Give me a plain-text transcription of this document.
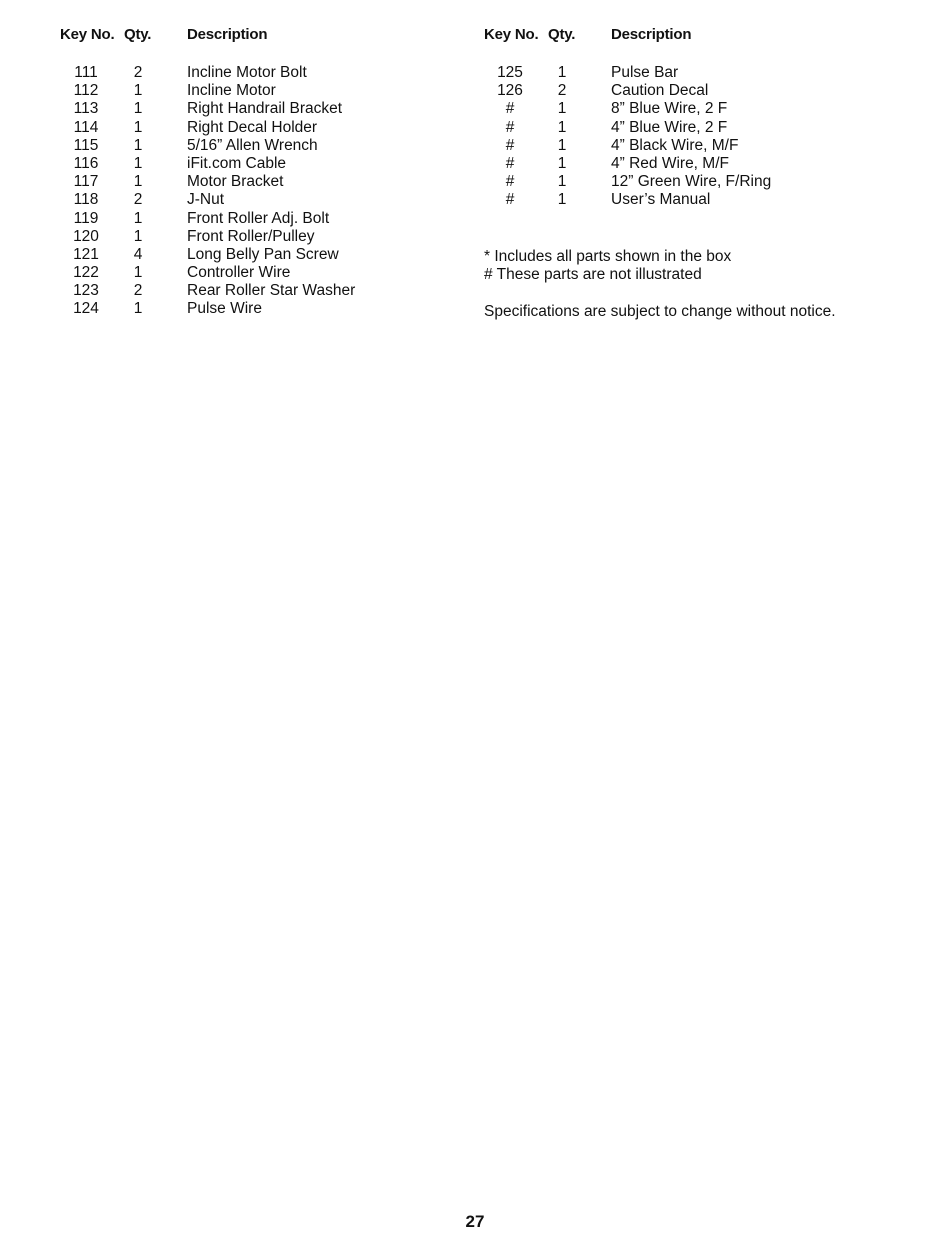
Key No. Qty. Description
111	2	Incline Motor Bolt
112	1	Incline Motor
113	1	Right Handrail Bracket
114	1	Right Decal Holder
115	1	5/16” Allen Wrench
116	1	iFit.com Cable
117	1	Motor Bracket
118	2	J-Nut
119	1	Front Roller Adj. Bolt
120	1	Front Roller/Pulley
121	4	Long Belly Pan Screw
122	1	Controller Wire
123	2	Rear Roller Star Washer
124	1	Pulse Wire
Key No. Qty. Description
125	1	Pulse Bar
126	2	Caution Decal
#	1	8” Blue Wire, 2 F
#	1	4” Blue Wire, 2 F
#	1	4” Black Wire, M/F
#	1	4” Red Wire, M/F
#	1	12” Green Wire, F/Ring
#	1	User’s Manual
* Includes all parts shown in the box
# These parts are not illustrated
Specifications are subject to change without notice.
27
